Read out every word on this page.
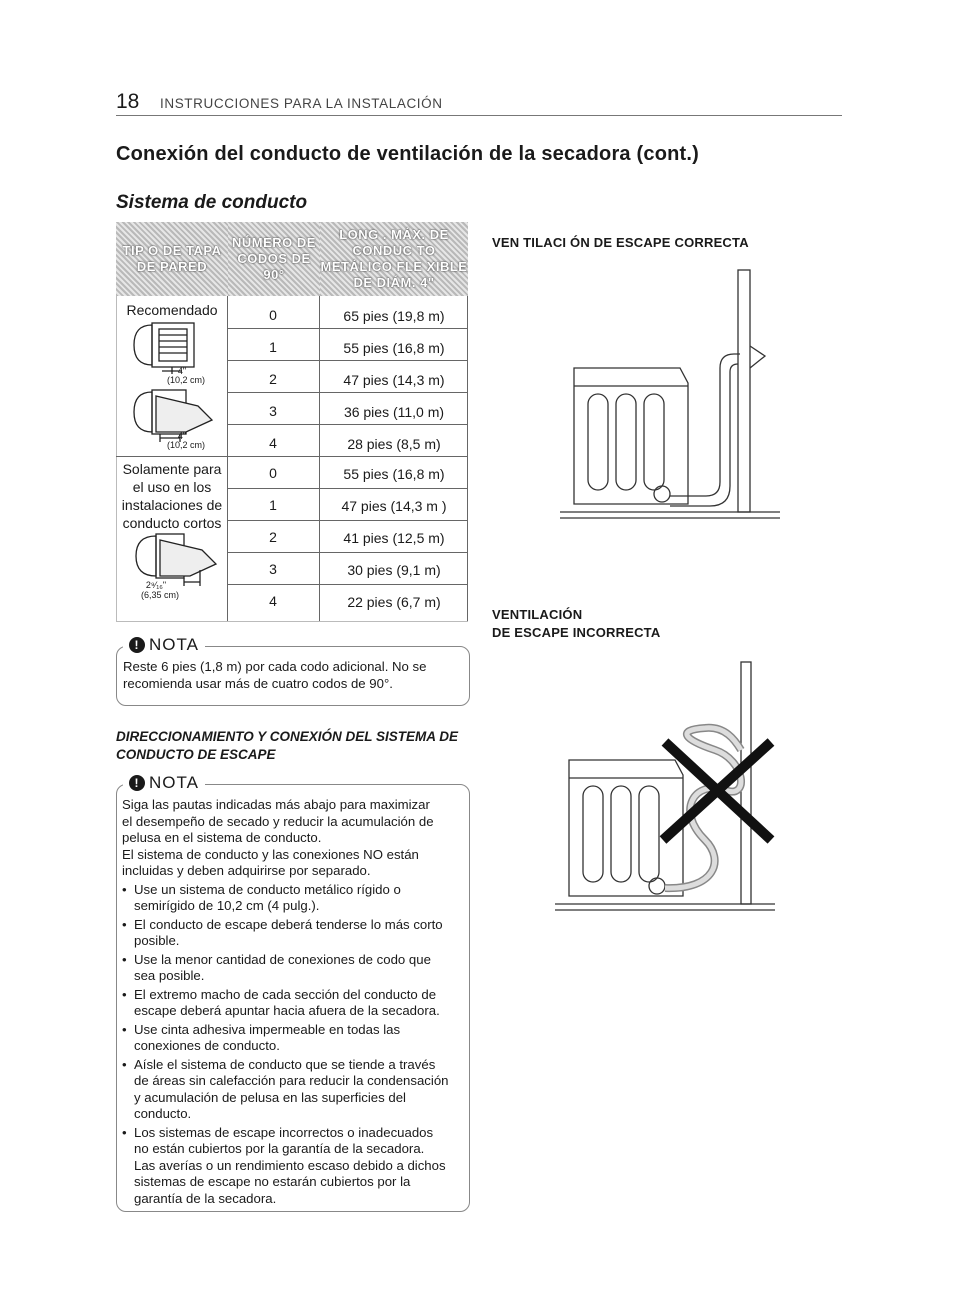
18 INSTRUCCIONES PARA LA INSTALACIÓN
Conexión del conducto de ventilación de la secadora (cont.)
Sistema de conducto
TIP O DE TAPA DE PARED
NÚMERO DE CODOS DE 90°
LONG . MÁX. DE CONDUC TO METÁLICO FLE XIBLE DE DIÁM. 4"
Recomendado
4"
(10,2 cm)
4"
(10,2 cm)
0	65 pies (19,8 m)
1	55 pies (16,8 m)
2	47 pies (14,3 m)
3	36 pies (11,0 m)
4	28 pies (8,5 m)
Solamente para
el uso en los
instalaciones de
conducto cortos
2⁹⁄₁₆"
(6,35 cm)
0	55 pies (16,8 m)
1	47 pies (14,3 m )
2	41 pies (12,5 m)
3	30 pies (9,1 m)
4	22 pies (6,7 m)
! NOTA
Reste 6 pies (1,8 m) por cada codo adicional. No se
recomienda usar más de cuatro codos de 90°.
DIRECCIONAMIENTO Y CONEXIÓN DEL SISTEMA DE
CONDUCTO DE ESCAPE
! NOTA
Siga las pautas indicadas más abajo para maximizar
el desempeño de secado y reducir la acumulación de
pelusa en el sistema de conducto.
El sistema de conducto y las conexiones NO están
incluidas y deben adquirirse por separado.
• Use un sistema de conducto metálico rígido o
semirígido de 10,2 cm (4 pulg.).
• El conducto de escape deberá tenderse lo más corto
posible.
• Use la menor cantidad de conexiones de codo que
sea posible.
• El extremo macho de cada sección del conducto de
escape deberá apuntar hacia afuera de la secadora.
• Use cinta adhesiva impermeable en todas las
conexiones de conducto.
• Aísle el sistema de conducto que se tiende a través
de áreas sin calefacción para reducir la condensación
y acumulación de pelusa en las superficies del
conducto.
• Los sistemas de escape incorrectos o inadecuados
no están cubiertos por la garantía de la secadora.
Las averías o un rendimiento escaso debido a dichos
sistemas de escape no estarán cubiertos por la
garantía de la secadora.
VEN TILACI ÓN DE ESCAPE CORRECTA
VENTILACIÓN
DE ESCAPE INCORRECTA
